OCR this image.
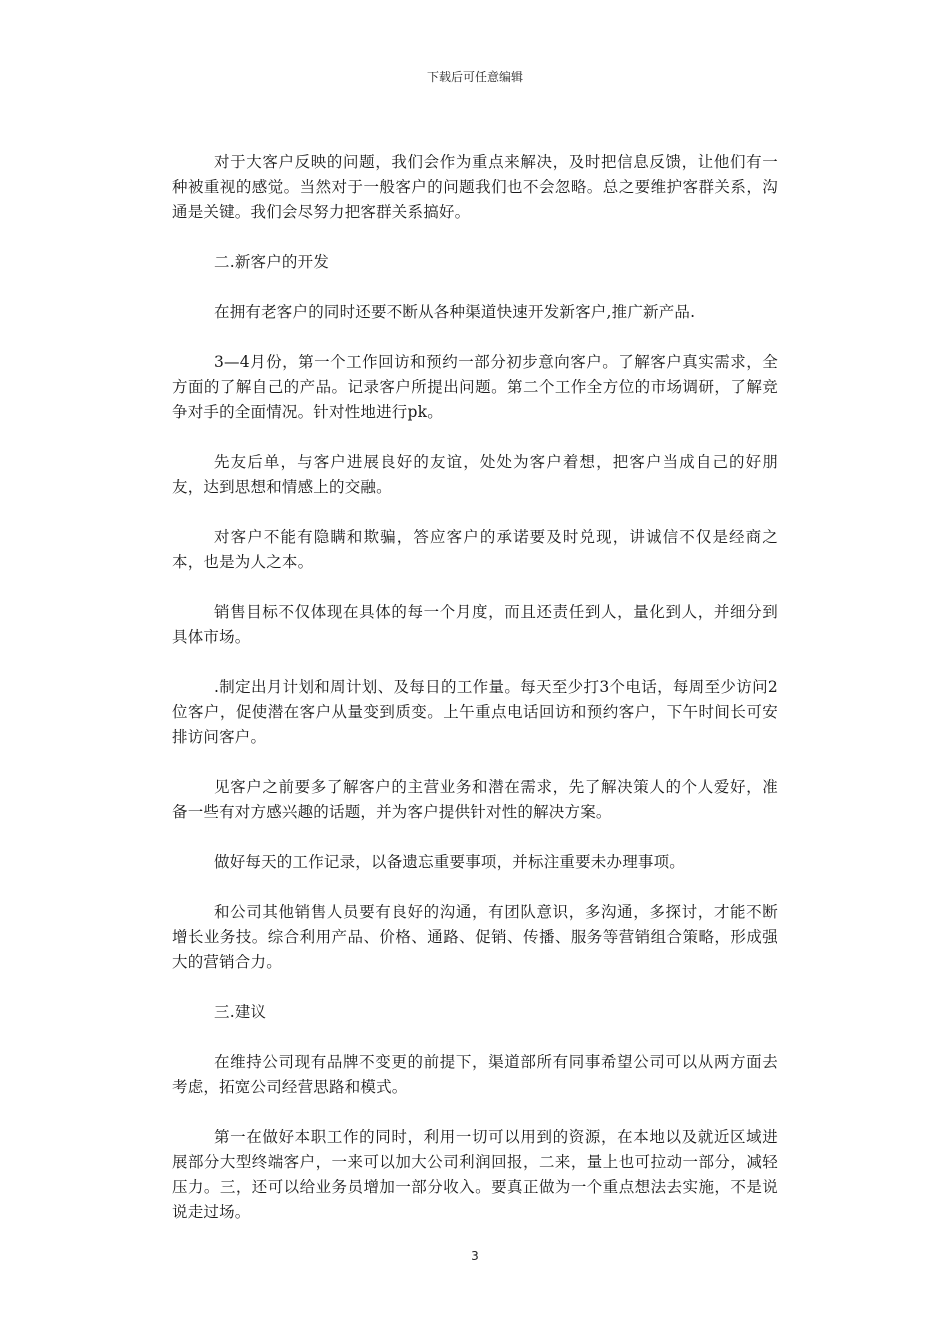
下载后可任意编辑

对于大客户反映的问题，我们会作为重点来解决，及时把信息反馈，让他们有一种被重视的感觉。当然对于一般客户的问题我们也不会忽略。总之要维护客群关系，沟通是关键。我们会尽努力把客群关系搞好。

二.新客户的开发

在拥有老客户的同时还要不断从各种渠道快速开发新客户,推广新产品.

3—4月份，第一个工作回访和预约一部分初步意向客户。了解客户真实需求，全方面的了解自己的产品。记录客户所提出问题。第二个工作全方位的市场调研，了解竞争对手的全面情况。针对性地进行pk。

先友后单，与客户进展良好的友谊，处处为客户着想，把客户当成自己的好朋友，达到思想和情感上的交融。

对客户不能有隐瞒和欺骗，答应客户的承诺要及时兑现，讲诚信不仅是经商之本，也是为人之本。

销售目标不仅体现在具体的每一个月度，而且还责任到人，量化到人，并细分到具体市场。

.制定出月计划和周计划、及每日的工作量。每天至少打3个电话，每周至少访问2位客户，促使潜在客户从量变到质变。上午重点电话回访和预约客户，下午时间长可安排访问客户。

见客户之前要多了解客户的主营业务和潜在需求，先了解决策人的个人爱好，准备一些有对方感兴趣的话题，并为客户提供针对性的解决方案。

做好每天的工作记录，以备遗忘重要事项，并标注重要未办理事项。

和公司其他销售人员要有良好的沟通，有团队意识，多沟通，多探讨，才能不断增长业务技。综合利用产品、价格、通路、促销、传播、服务等营销组合策略，形成强大的营销合力。

三.建议

在维持公司现有品牌不变更的前提下，渠道部所有同事希望公司可以从两方面去考虑，拓宽公司经营思路和模式。

第一在做好本职工作的同时，利用一切可以用到的资源，在本地以及就近区域进展部分大型终端客户，一来可以加大公司利润回报，二来，量上也可拉动一部分，减轻压力。三，还可以给业务员增加一部分收入。要真正做为一个重点想法去实施，不是说说走过场。

3
